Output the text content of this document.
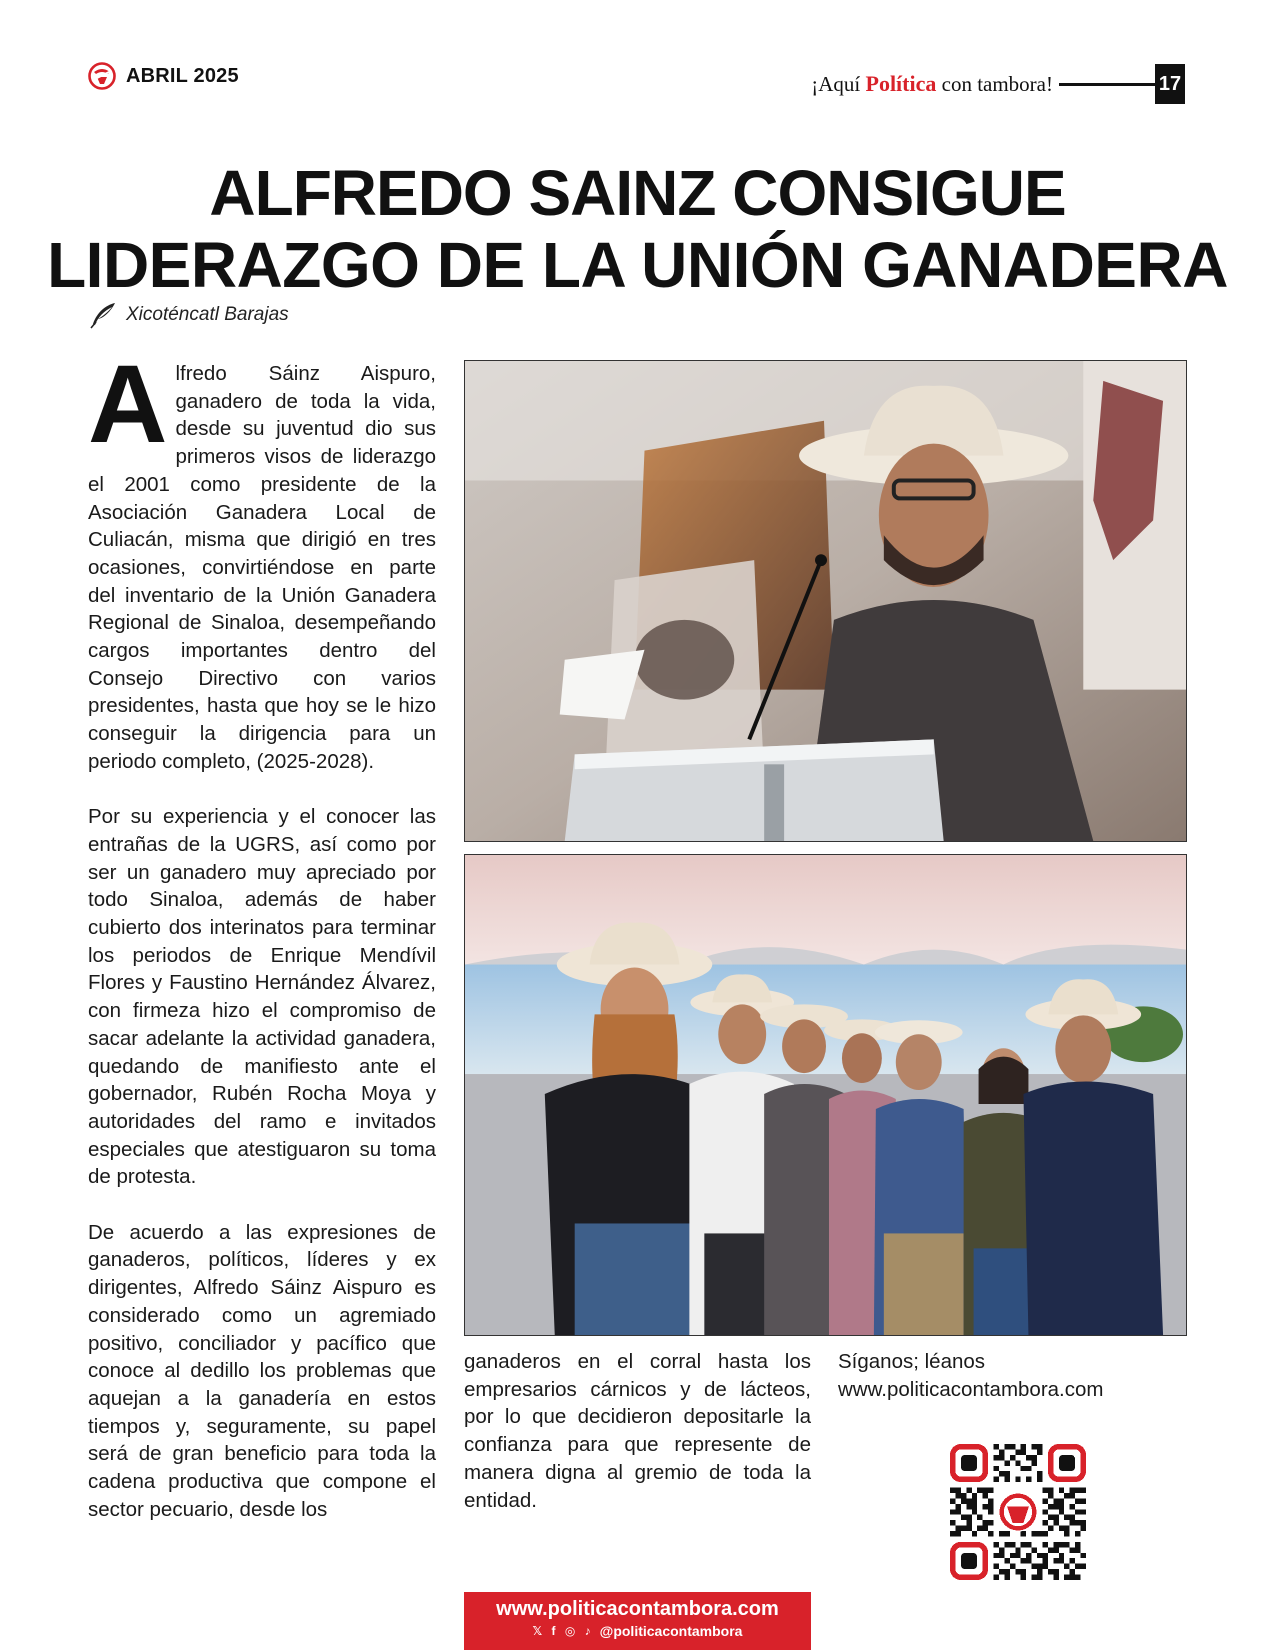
ABRIL 2025	¡Aquí Política con tambora!	17
ALFREDO SAINZ CONSIGUE
LIDERAZGO DE LA UNIÓN GANADERA
Xicoténcatl Barajas

Alfredo Sáinz Aispuro, ganadero de toda la vida, desde su juventud dio sus primeros visos de liderazgo el 2001 como presidente de la Asociación Ganadera Local de Culiacán, misma que dirigió en tres ocasiones, convirtiéndose en parte del inventario de la Unión Ganadera Regional de Sinaloa, desempeñando cargos importantes dentro del Consejo Directivo con varios presidentes, hasta que hoy se le hizo conseguir la dirigencia para un periodo completo, (2025-2028).

Por su experiencia y el conocer las entrañas de la UGRS, así como por ser un ganadero muy apreciado por todo Sinaloa, además de haber cubierto dos interinatos para terminar los periodos de Enrique Mendívil Flores y Faustino Hernández Álvarez, con firmeza hizo el compromiso de sacar adelante la actividad ganadera, quedando de manifiesto ante el gobernador, Rubén Rocha Moya y autoridades del ramo e invitados especiales que atestiguaron su toma de protesta.

De acuerdo a las expresiones de ganaderos, políticos, líderes y ex dirigentes, Alfredo Sáinz Aispuro es considerado como un agremiado positivo, conciliador y pacífico que conoce al dedillo los problemas que aquejan a la ganadería en estos tiempos y, seguramente, su papel será de gran beneficio para toda la cadena productiva que compone el sector pecuario, desde los

ganaderos en el corral hasta los empresarios cárnicos y de lácteos, por lo que decidieron depositarle la confianza para que represente de manera digna al gremio de toda la entidad.

Síganos; léanos
www.politicacontambora.com
www.politicacontambora.com
𝕏 f ◎ ♪ @politicacontambora
